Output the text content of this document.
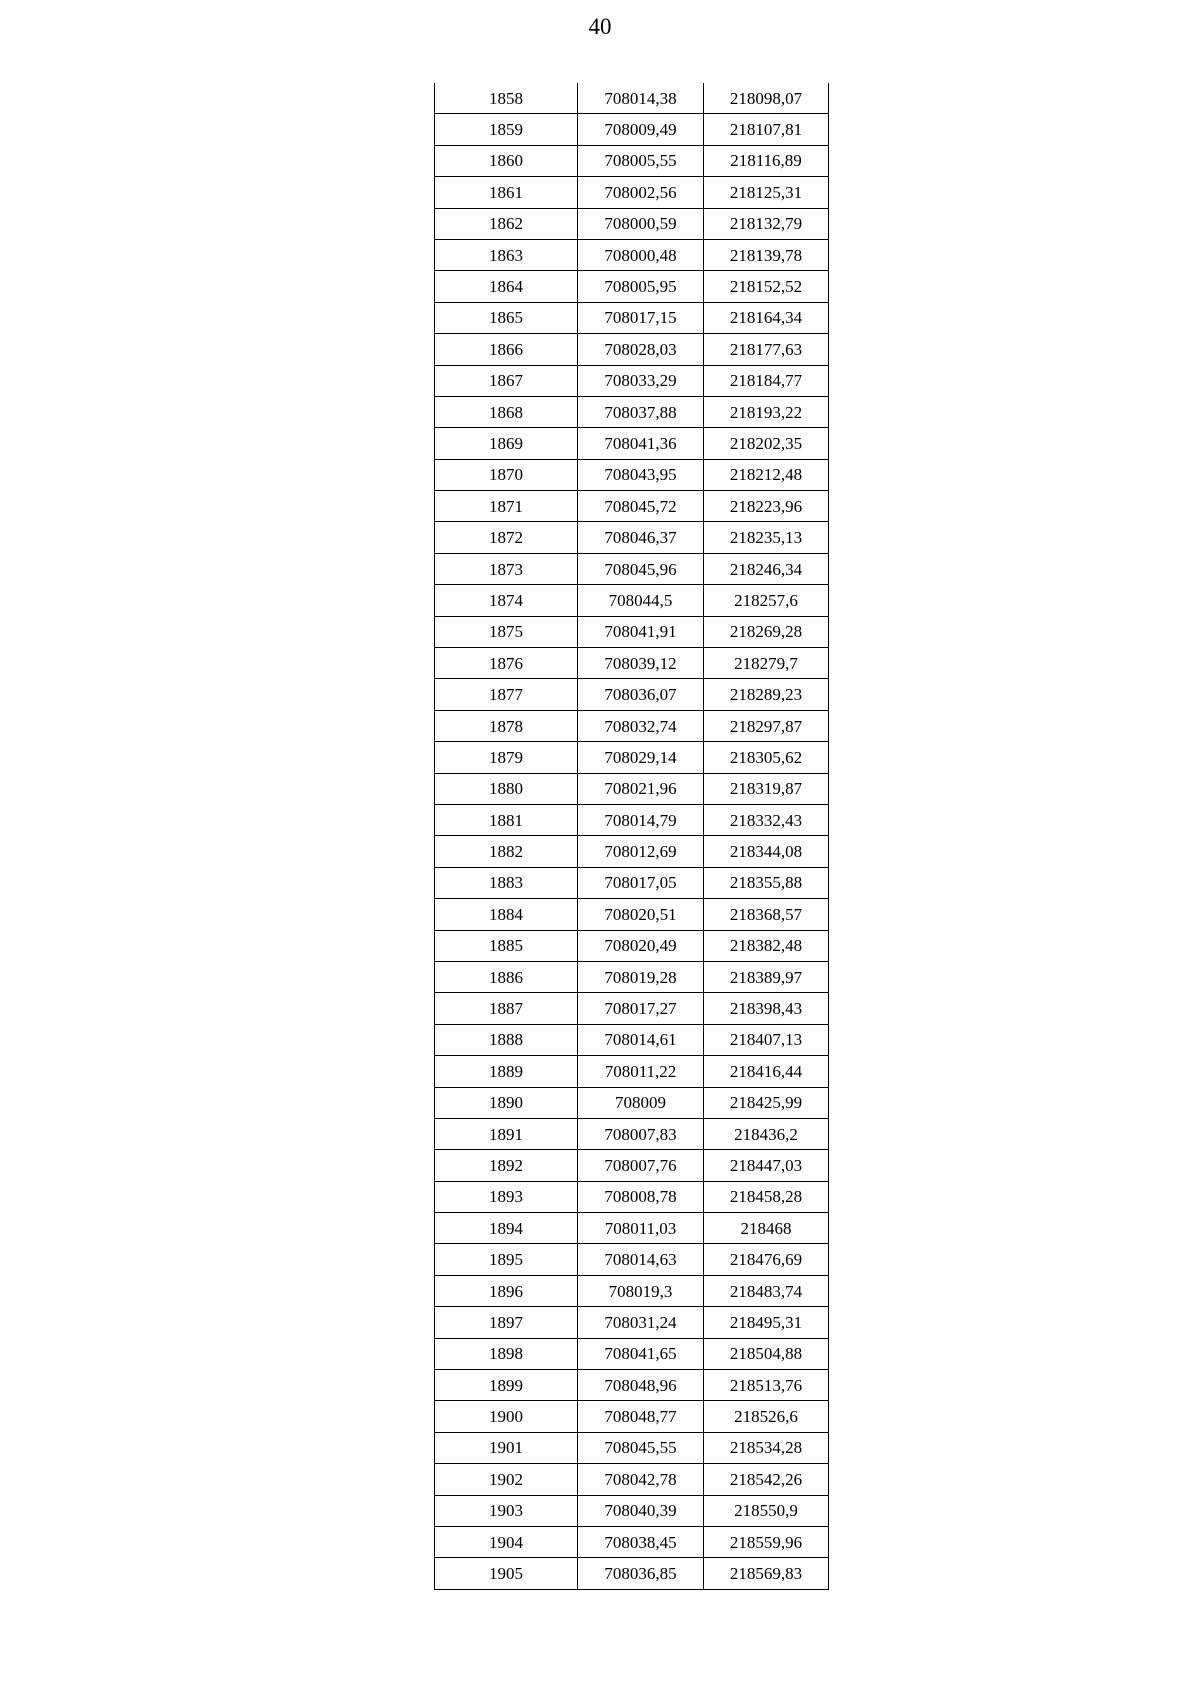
40
1858	708014,38	218098,07
1859	708009,49	218107,81
1860	708005,55	218116,89
1861	708002,56	218125,31
1862	708000,59	218132,79
1863	708000,48	218139,78
1864	708005,95	218152,52
1865	708017,15	218164,34
1866	708028,03	218177,63
1867	708033,29	218184,77
1868	708037,88	218193,22
1869	708041,36	218202,35
1870	708043,95	218212,48
1871	708045,72	218223,96
1872	708046,37	218235,13
1873	708045,96	218246,34
1874	708044,5	218257,6
1875	708041,91	218269,28
1876	708039,12	218279,7
1877	708036,07	218289,23
1878	708032,74	218297,87
1879	708029,14	218305,62
1880	708021,96	218319,87
1881	708014,79	218332,43
1882	708012,69	218344,08
1883	708017,05	218355,88
1884	708020,51	218368,57
1885	708020,49	218382,48
1886	708019,28	218389,97
1887	708017,27	218398,43
1888	708014,61	218407,13
1889	708011,22	218416,44
1890	708009	218425,99
1891	708007,83	218436,2
1892	708007,76	218447,03
1893	708008,78	218458,28
1894	708011,03	218468
1895	708014,63	218476,69
1896	708019,3	218483,74
1897	708031,24	218495,31
1898	708041,65	218504,88
1899	708048,96	218513,76
1900	708048,77	218526,6
1901	708045,55	218534,28
1902	708042,78	218542,26
1903	708040,39	218550,9
1904	708038,45	218559,96
1905	708036,85	218569,83
